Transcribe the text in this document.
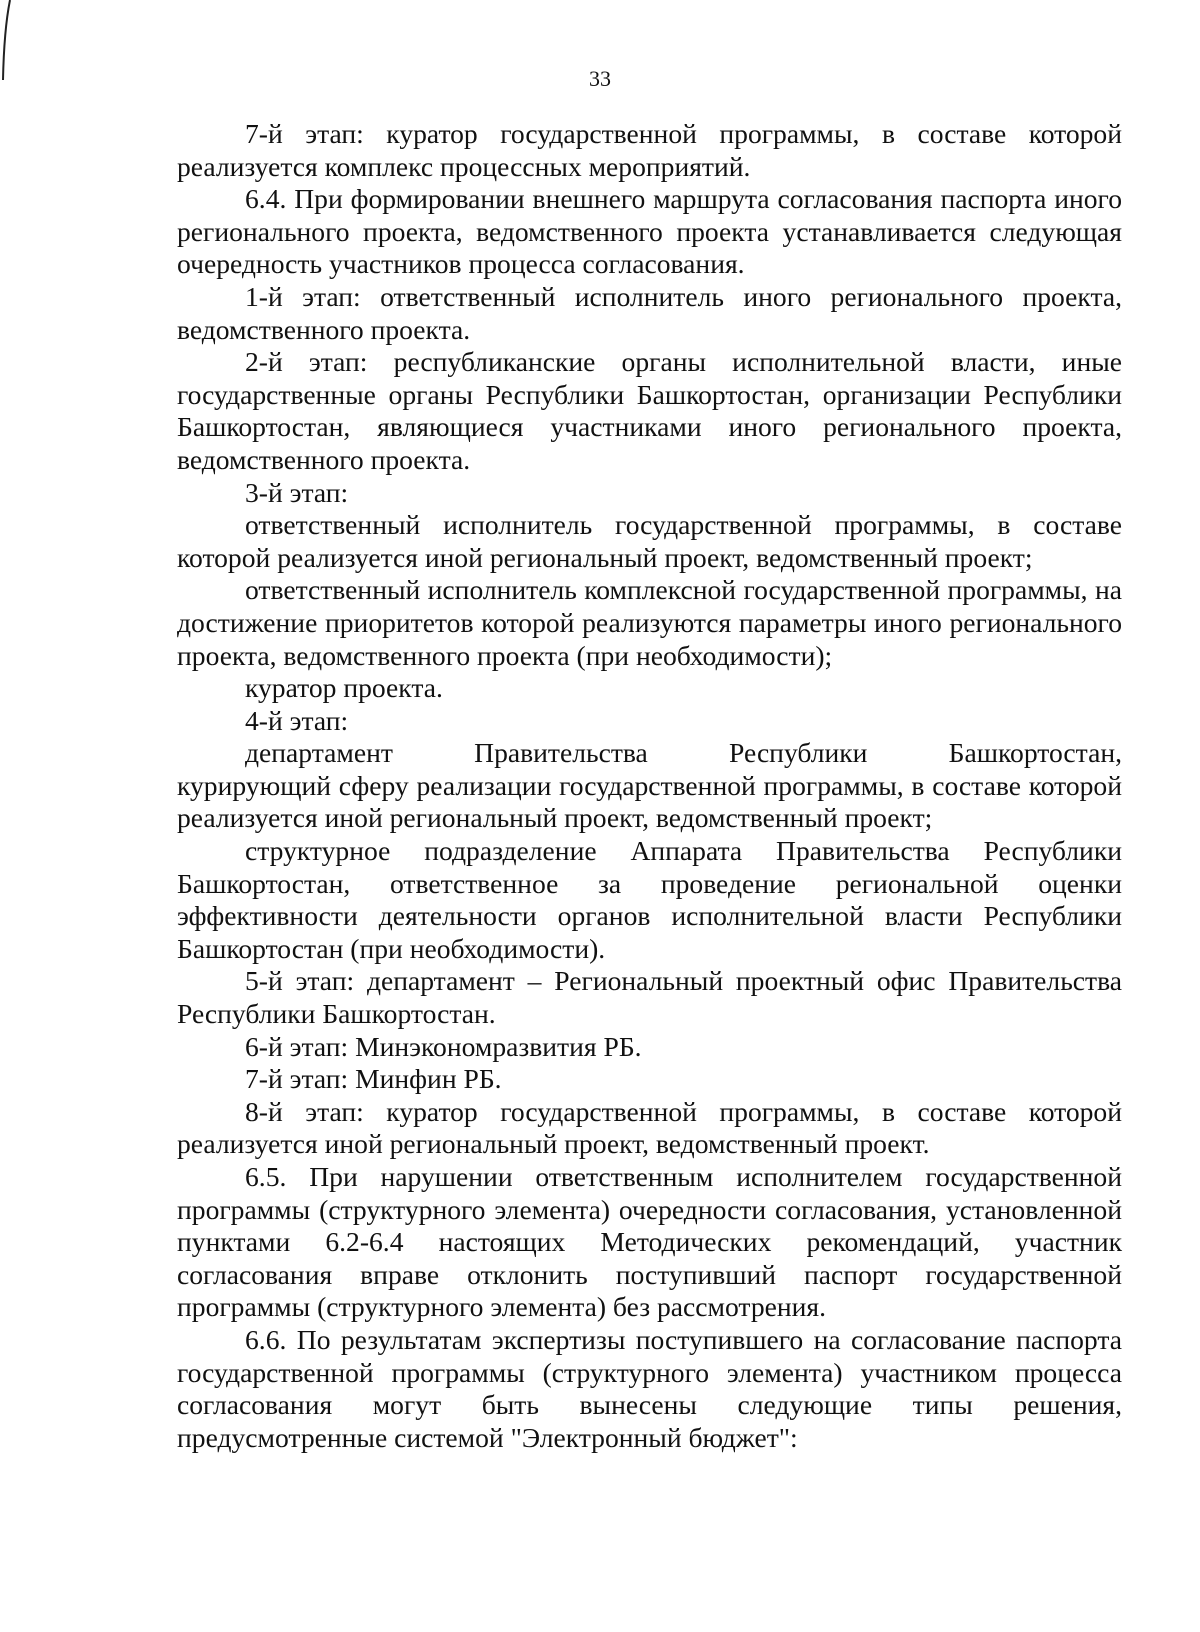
33

7-й этап: куратор государственной программы, в составе которой реализуется комплекс процессных мероприятий.

6.4. При формировании внешнего маршрута согласования паспорта иного регионального проекта, ведомственного проекта устанавливается следующая очередность участников процесса согласования.

1-й этап: ответственный исполнитель иного регионального проекта, ведомственного проекта.

2-й этап: республиканские органы исполнительной власти, иные государственные органы Республики Башкортостан, организации Республики Башкортостан, являющиеся участниками иного регионального проекта, ведомственного проекта.

3-й этап:

ответственный исполнитель государственной программы, в составе которой реализуется иной региональный проект, ведомственный проект;

ответственный исполнитель комплексной государственной программы, на достижение приоритетов которой реализуются параметры иного регионального проекта, ведомственного проекта (при необходимости);

куратор проекта.

4-й этап:

департамент Правительства Республики Башкортостан,

курирующий сферу реализации государственной программы, в составе которой реализуется иной региональный проект, ведомственный проект;

структурное подразделение Аппарата Правительства Республики Башкортостан, ответственное за проведение региональной оценки эффективности деятельности органов исполнительной власти Республики Башкортостан (при необходимости).

5-й этап: департамент – Региональный проектный офис Правительства Республики Башкортостан.

6-й этап: Минэкономразвития РБ.

7-й этап: Минфин РБ.

8-й этап: куратор государственной программы, в составе которой реализуется иной региональный проект, ведомственный проект.

6.5. При нарушении ответственным исполнителем государственной программы (структурного элемента) очередности согласования, установленной пунктами 6.2-6.4 настоящих Методических рекомендаций, участник согласования вправе отклонить поступивший паспорт государственной программы (структурного элемента) без рассмотрения.

6.6. По результатам экспертизы поступившего на согласование паспорта государственной программы (структурного элемента) участником процесса согласования могут быть вынесены следующие типы решения, предусмотренные системой "Электронный бюджет":
